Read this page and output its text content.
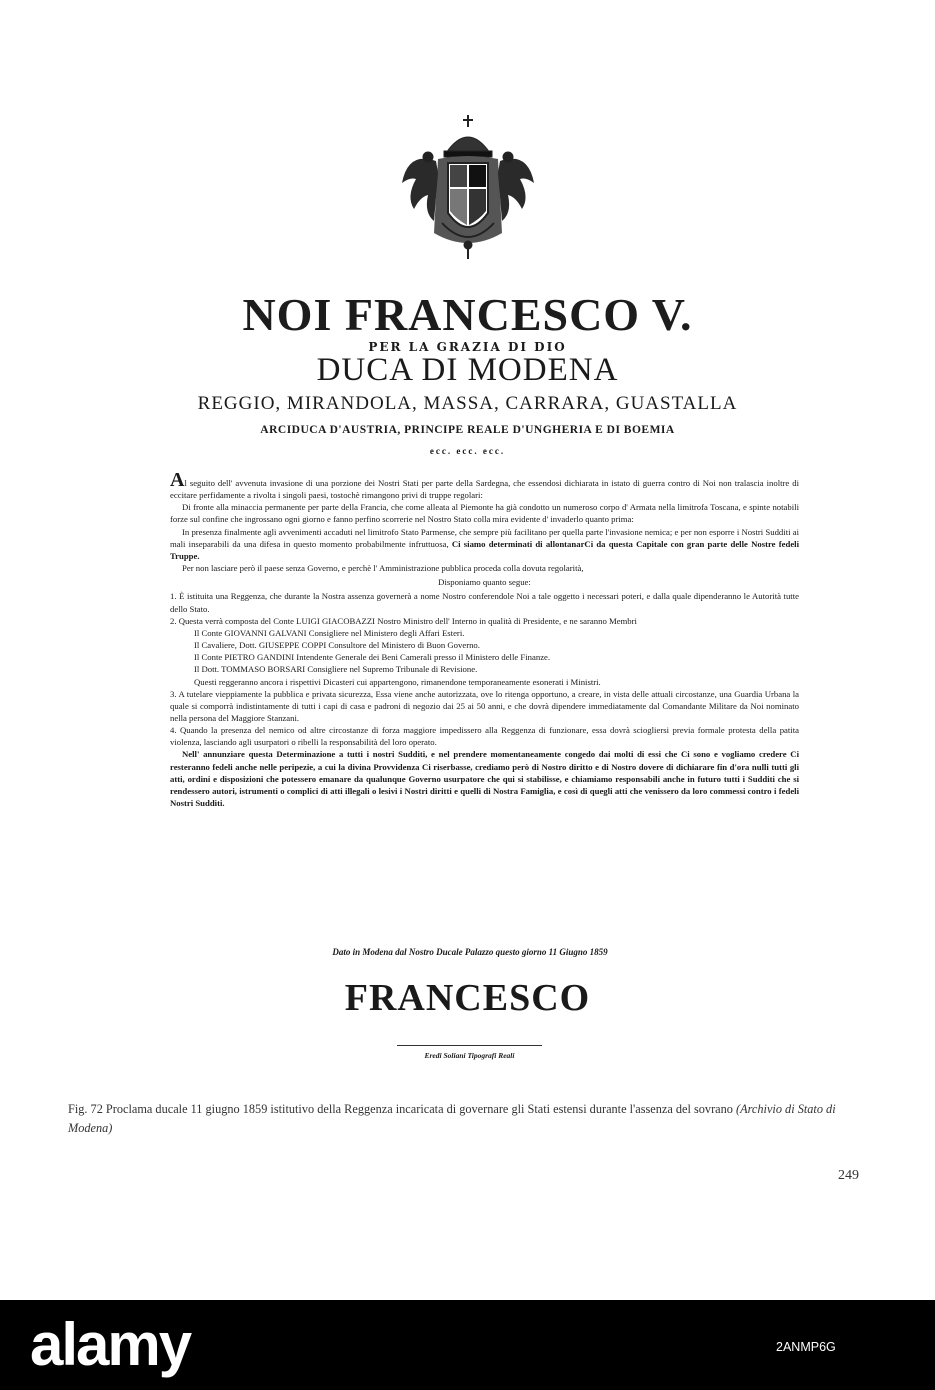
NOI FRANCESCO V.
PER LA GRAZIA DI DIO
DUCA DI MODENA
REGGIO, MIRANDOLA, MASSA, CARRARA, GUASTALLA
ARCIDUCA D'AUSTRIA, PRINCIPE REALE D'UNGHERIA E DI BOEMIA
ecc. ecc. ecc.

Al seguito dell' avvenuta invasione di una porzione dei Nostri Stati per parte della Sardegna, che essendosi dichiarata in istato di guerra contro di Noi non tralascia inoltre di eccitare perfidamente a rivolta i singoli paesi, tostochè rimangono privi di truppe regolari:

Di fronte alla minaccia permanente per parte della Francia, che come alleata al Piemonte ha già condotto un numeroso corpo d' Armata nella limitrofa Toscana, e spinte notabili forze sul confine che ingrossano ogni giorno e fanno perfino scorrerie nel Nostro Stato colla mira evidente d' invaderlo quanto prima:

In presenza finalmente agli avvenimenti accaduti nel limitrofo Stato Parmense, che sempre più facilitano per quella parte l'invasione nemica; e per non esporre i Nostri Sudditi ai mali inseparabili da una difesa in questo momento probabilmente infruttuosa, Ci siamo determinati di allontanarCi da questa Capitale con gran parte delle Nostre fedeli Truppe.

Per non lasciare però il paese senza Governo, e perchè l' Amministrazione pubblica proceda colla dovuta regolarità,

Disponiamo quanto segue:

1. È istituita una Reggenza, che durante la Nostra assenza governerà a nome Nostro conferendole Noi a tale oggetto i necessari poteri, e dalla quale dipenderanno le Autorità tutte dello Stato.

2. Questa verrà composta del Conte LUIGI GIACOBAZZI Nostro Ministro dell' Interno in qualità di Presidente, e ne saranno Membri

Il Conte GIOVANNI GALVANI Consigliere nel Ministero degli Affari Esteri.

Il Cavaliere, Dott. GIUSEPPE COPPI Consultore del Ministero di Buon Governo.

Il Conte PIETRO GANDINI Intendente Generale dei Beni Camerali presso il Ministero delle Finanze.

Il Dott. TOMMASO BORSARI Consigliere nel Supremo Tribunale di Revisione.

Questi reggeranno ancora i rispettivi Dicasteri cui appartengono, rimanendone temporaneamente esonerati i Ministri.

3. A tutelare vieppiamente la pubblica e privata sicurezza, Essa viene anche autorizzata, ove lo ritenga opportuno, a creare, in vista delle attuali circostanze, una Guardia Urbana la quale si comporrà indistintamente di tutti i capi di casa e padroni di negozio dai 25 ai 50 anni, e che dovrà dipendere immediatamente dal Comandante Militare da Noi nominato nella persona del Maggiore Stanzani.

4. Quando la presenza del nemico od altre circostanze di forza maggiore impedissero alla Reggenza di funzionare, essa dovrà sciogliersi previa formale protesta della patita violenza, lasciando agli usurpatori o ribelli la responsabilità del loro operato.

Nell' annunziare questa Determinazione a tutti i nostri Sudditi, e nel prendere momentaneamente congedo dai molti di essi che Ci sono e vogliamo credere Ci resteranno fedeli anche nelle peripezie, a cui la divina Provvidenza Ci riserbasse, crediamo però di Nostro diritto e di Nostro dovere di dichiarare fin d'ora nulli tutti gli atti, ordini e disposizioni che potessero emanare da qualunque Governo usurpatore che qui si stabilisse, e chiamiamo responsabili anche in futuro tutti i Sudditi che si rendessero autori, istrumenti o complici di atti illegali o lesivi i Nostri diritti e quelli di Nostra Famiglia, e così di quegli atti che venissero da loro commessi contro i fedeli Nostri Sudditi.

Dato in Modena dal Nostro Ducale Palazzo questo giorno 11 Giugno 1859
FRANCESCO
Eredi Soliani Tipografi Reali
Fig. 72 Proclama ducale 11 giugno 1859 istitutivo della Reggenza incaricata di governare gli Stati estensi durante l'assenza del sovrano (Archivio di Stato di Modena)
249
alamy	2ANMP6G
